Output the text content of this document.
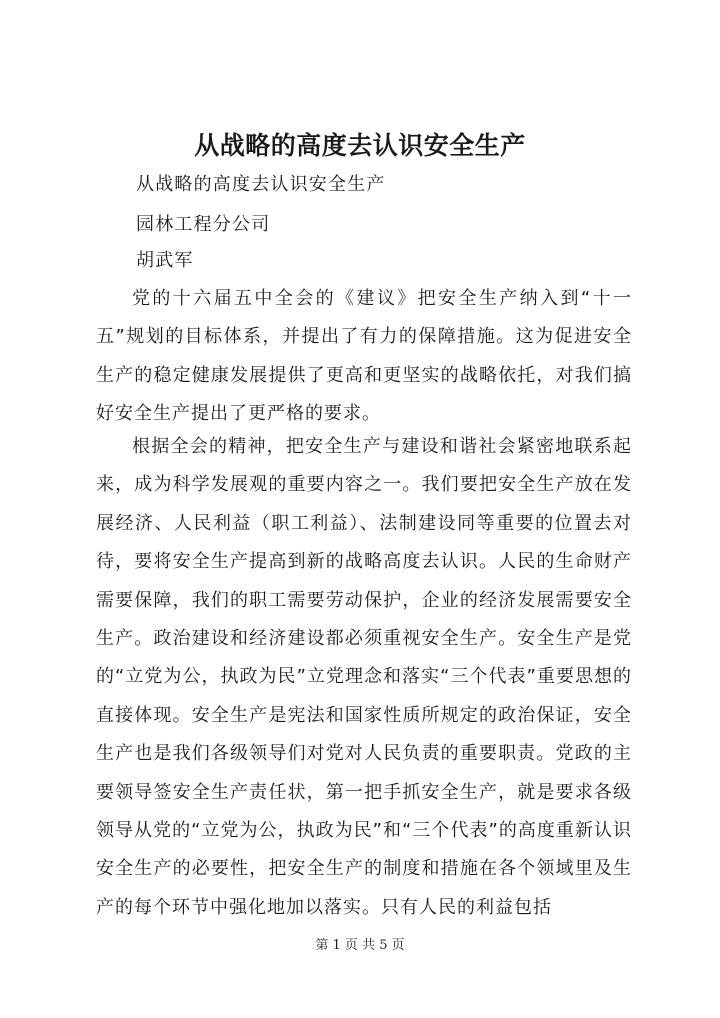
从战略的高度去认识安全生产
从战略的高度去认识安全生产
园林工程分公司
胡武军

党的十六届五中全会的《建议》把安全生产纳入到“十一五”规划的目标体系，并提出了有力的保障措施。这为促进安全生产的稳定健康发展提供了更高和更坚实的战略依托，对我们搞好安全生产提出了更严格的要求。

根据全会的精神，把安全生产与建设和谐社会紧密地联系起来，成为科学发展观的重要内容之一。我们要把安全生产放在发展经济、人民利益（职工利益）、法制建设同等重要的位置去对待，要将安全生产提高到新的战略高度去认识。人民的生命财产需要保障，我们的职工需要劳动保护，企业的经济发展需要安全生产。政治建设和经济建设都必须重视安全生产。安全生产是党的“立党为公，执政为民”立党理念和落实“三个代表”重要思想的直接体现。安全生产是宪法和国家性质所规定的政治保证，安全生产也是我们各级领导们对党对人民负责的重要职责。党政的主要领导签安全生产责任状，第一把手抓安全生产，就是要求各级领导从党的“立党为公，执政为民”和“三个代表”的高度重新认识安全生产的必要性，把安全生产的制度和措施在各个领域里及生产的每个环节中强化地加以落实。只有人民的利益包括

第 1 页 共 5 页
